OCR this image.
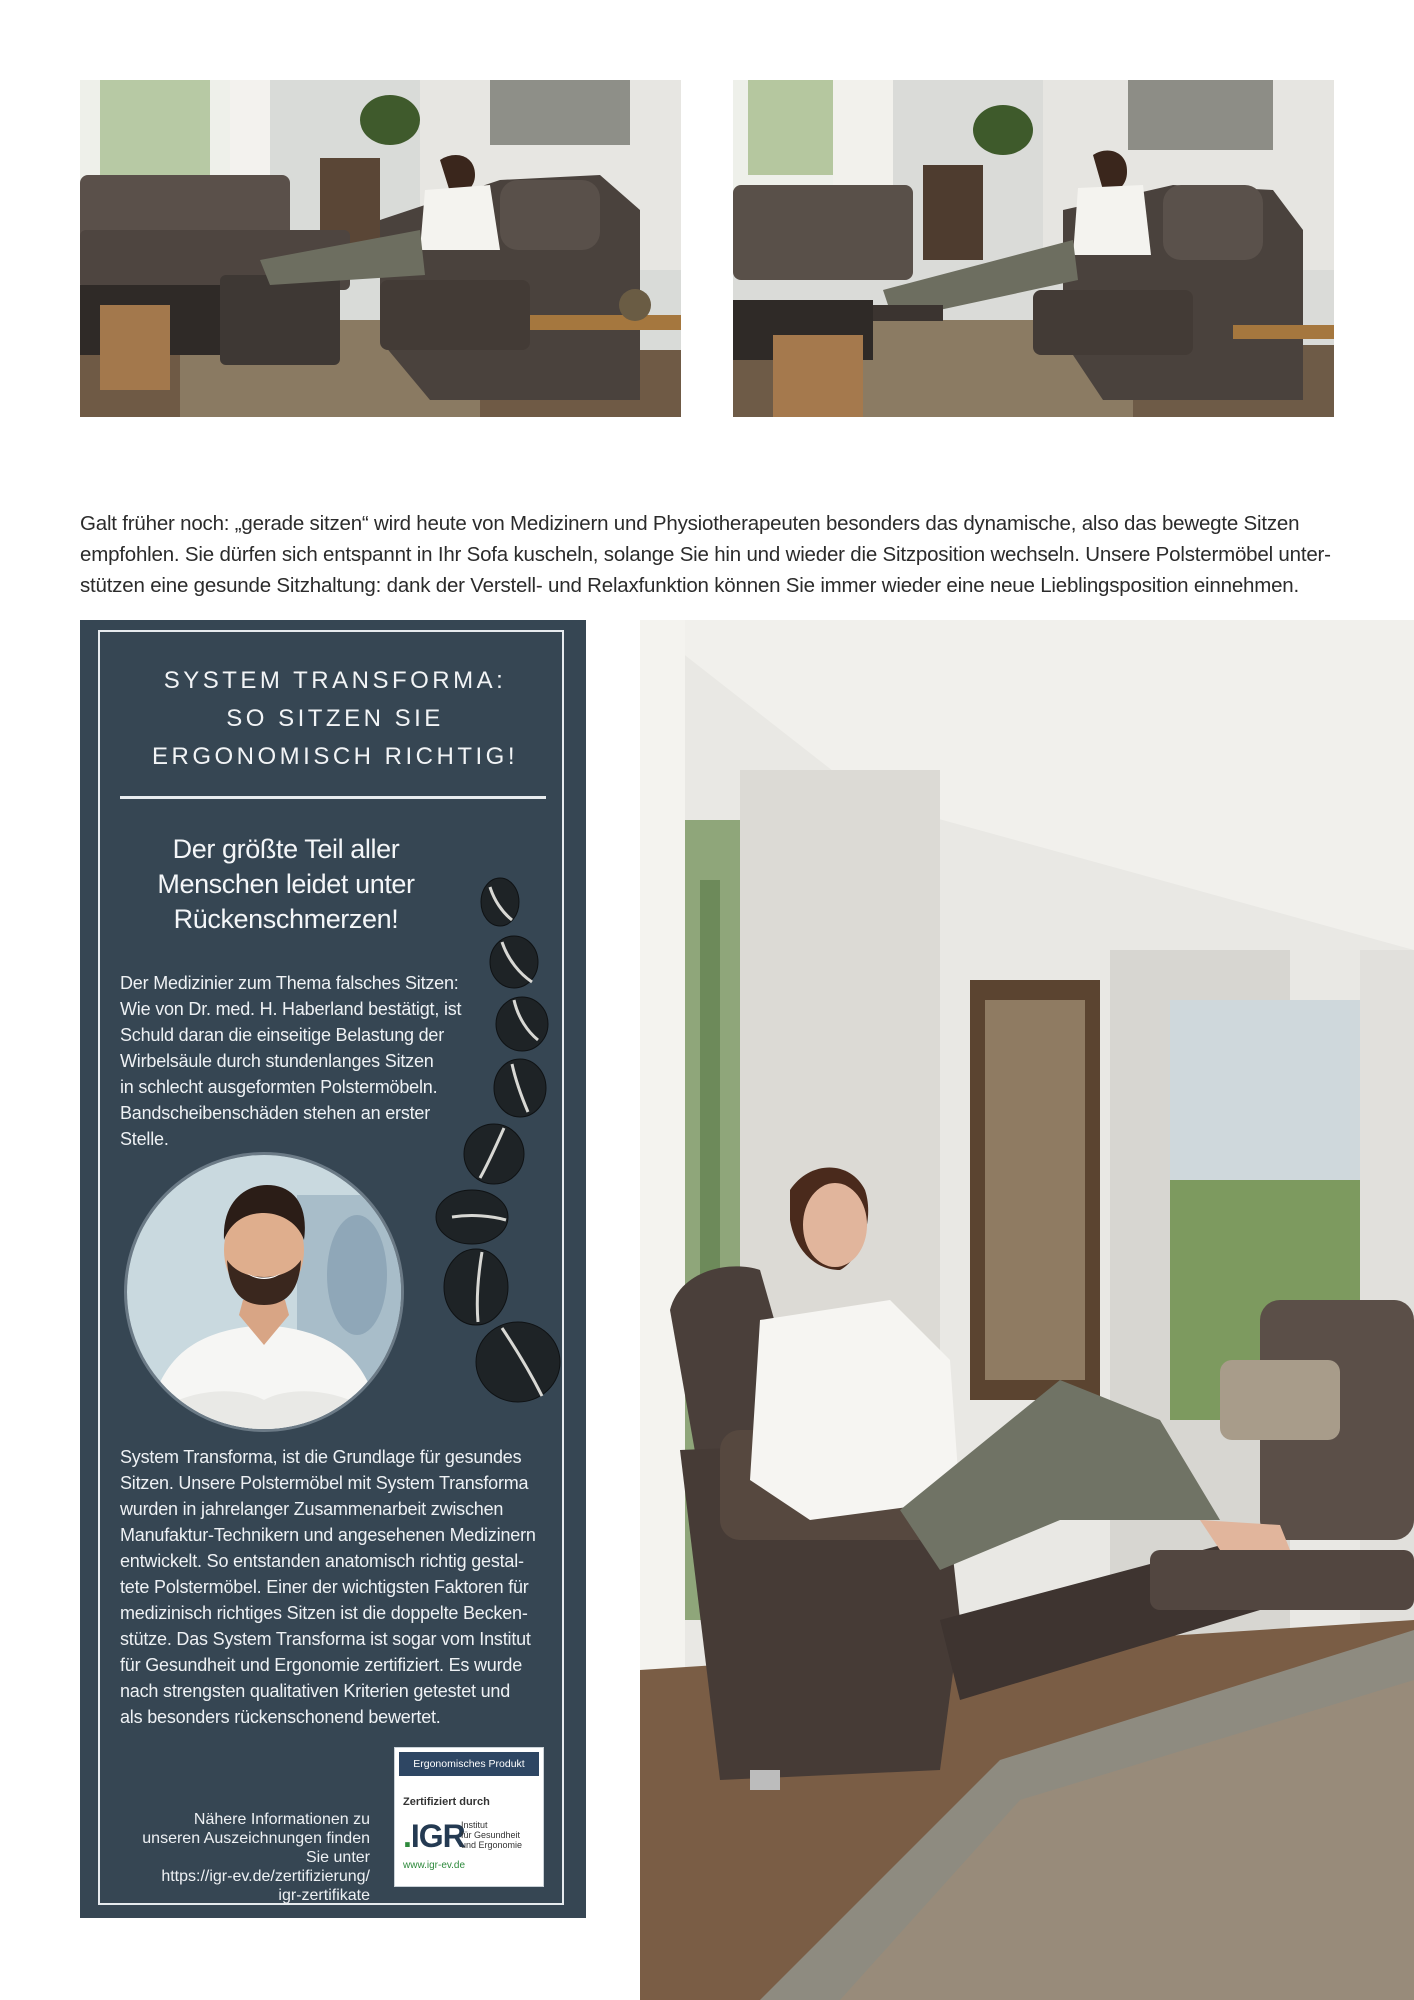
Galt früher noch: „gerade sitzen“ wird heute von Medizinern und Physiotherapeuten besonders das dynamische, also das bewegte Sitzen
empfohlen. Sie dürfen sich entspannt in Ihr Sofa kuscheln, solange Sie hin und wieder die Sitzposition wechseln. Unsere Polstermöbel unter-
stützen eine gesunde Sitzhaltung: dank der Verstell- und Relaxfunktion können Sie immer wieder eine neue Lieblingsposition einnehmen.
SYSTEM TRANSFORMA:
SO SITZEN SIE
ERGONOMISCH RICHTIG!
Der größte Teil aller
Menschen leidet unter
Rückenschmerzen!
Der Medizinier zum Thema falsches Sitzen:
Wie von Dr. med. H. Haberland bestätigt, ist
Schuld daran die einseitige Belastung der
Wirbelsäule durch stundenlanges Sitzen
in schlecht ausgeformten Polstermöbeln.
Bandscheibenschäden stehen an erster
Stelle.
System Transforma, ist die Grundlage für gesundes
Sitzen. Unsere Polstermöbel mit System Transforma
wurden in jahrelanger Zusammenarbeit zwischen
Manufaktur-Technikern und angesehenen Medizinern
entwickelt. So entstanden anatomisch richtig gestal-
tete Polstermöbel. Einer der wichtigsten Faktoren für
medizinisch richtiges Sitzen ist die doppelte Becken-
stütze. Das System Transforma ist sogar vom Institut
für Gesundheit und Ergonomie zertifiziert. Es wurde
nach strengsten qualitativen Kriterien getestet und
als besonders rückenschonend bewertet.
Nähere Informationen zu
unseren Auszeichnungen finden
Sie unter
https://igr-ev.de/zertifizierung/
igr-zertifikate
Ergonomisches Produkt
Zertifiziert durch
.IGR
Institut
für Gesundheit
und Ergonomie
www.igr-ev.de
